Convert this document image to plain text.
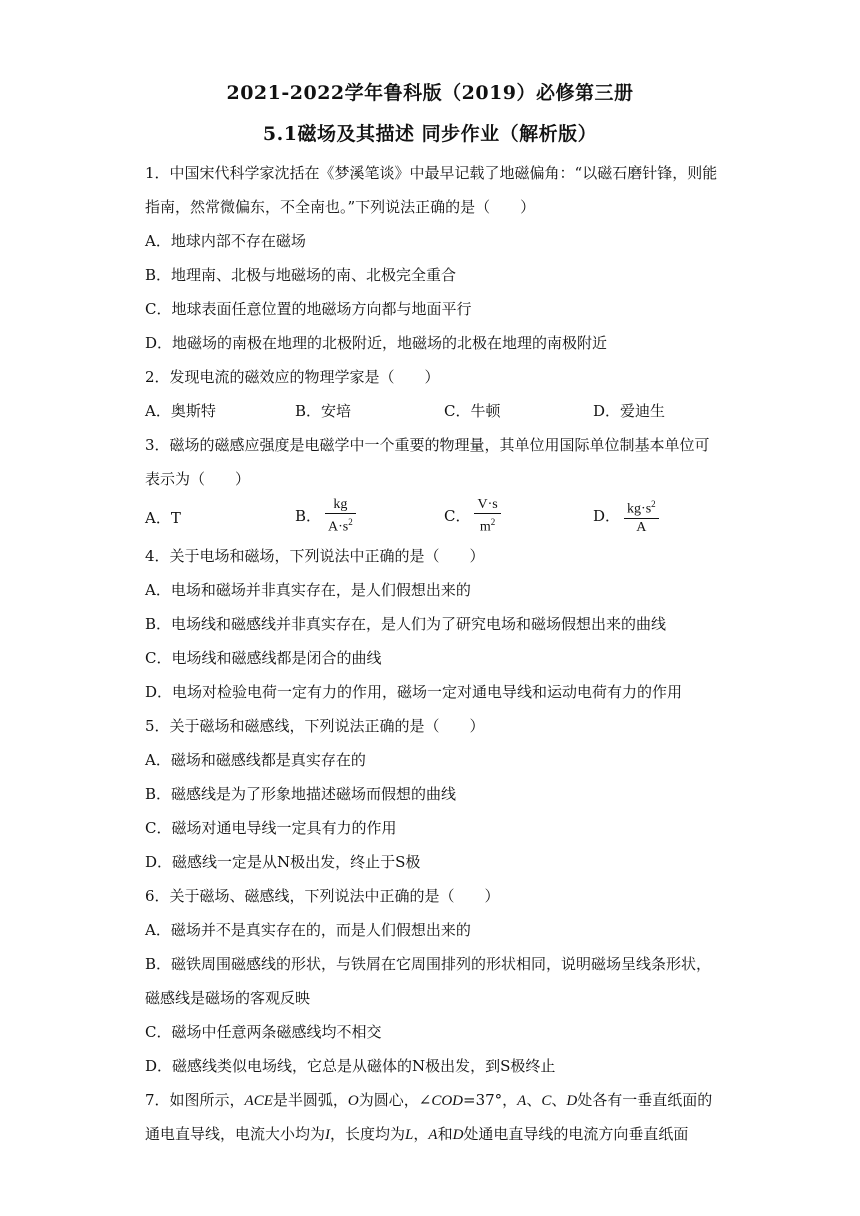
2021-2022学年鲁科版（2019）必修第三册
5.1磁场及其描述 同步作业（解析版）
1．中国宋代科学家沈括在《梦溪笔谈》中最早记载了地磁偏角：“以磁石磨针锋，则能
指南，然常微偏东，不全南也。”下列说法正确的是（　　）
A．地球内部不存在磁场
B．地理南、北极与地磁场的南、北极完全重合
C．地球表面任意位置的地磁场方向都与地面平行
D．地磁场的南极在地理的北极附近，地磁场的北极在地理的南极附近
2．发现电流的磁效应的物理学家是（　　）
A．奥斯特	B．安培	C．牛顿	D．爱迪生
3．磁场的磁感应强度是电磁学中一个重要的物理量，其单位用国际单位制基本单位可
表示为（　　）
A．T	B． $\frac{kg}{A\cdot s^2}$	C． $\frac{V\cdot s}{m^2}$	D． $\frac{kg\cdot s^2}{A}$
4．关于电场和磁场，下列说法中正确的是（　　）
A．电场和磁场并非真实存在，是人们假想出来的
B．电场线和磁感线并非真实存在，是人们为了研究电场和磁场假想出来的曲线
C．电场线和磁感线都是闭合的曲线
D．电场对检验电荷一定有力的作用，磁场一定对通电导线和运动电荷有力的作用
5．关于磁场和磁感线，下列说法正确的是（　　）
A．磁场和磁感线都是真实存在的
B．磁感线是为了形象地描述磁场而假想的曲线
C．磁场对通电导线一定具有力的作用
D．磁感线一定是从N极出发，终止于S极
6．关于磁场、磁感线，下列说法中正确的是（　　）
A．磁场并不是真实存在的，而是人们假想出来的
B．磁铁周围磁感线的形状，与铁屑在它周围排列的形状相同，说明磁场呈线条形状，
磁感线是磁场的客观反映
C．磁场中任意两条磁感线均不相交
D．磁感线类似电场线，它总是从磁体的N极出发，到S极终止
7．如图所示，ACE是半圆弧，O为圆心，∠COD=37°，A、C、D处各有一垂直纸面的
通电直导线，电流大小均为I，长度均为L，A和D处通电直导线的电流方向垂直纸面
